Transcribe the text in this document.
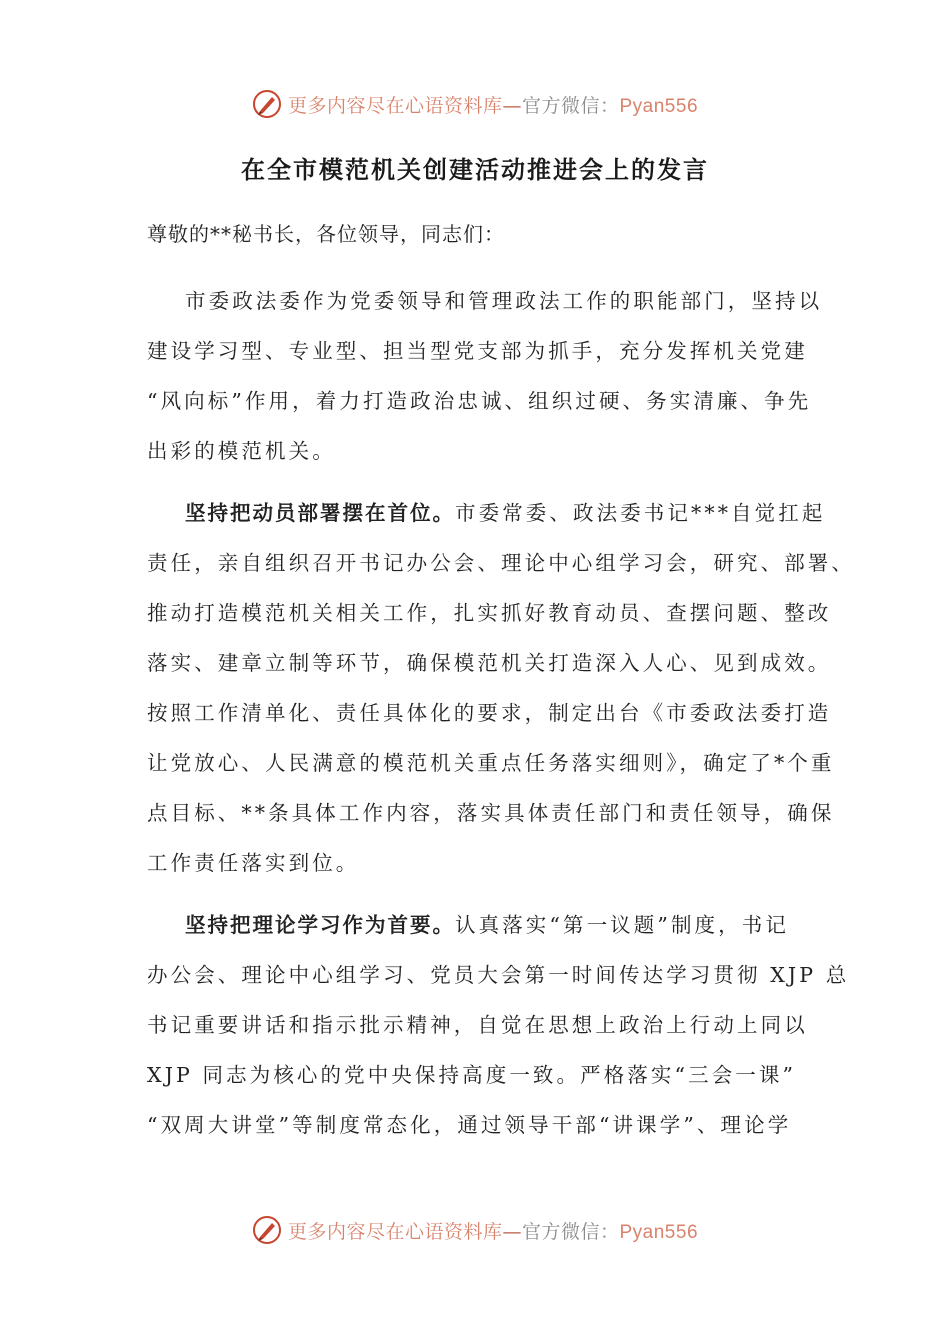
更多内容尽在心语资料库—官方微信：Pyan556
在全市模范机关创建活动推进会上的发言
尊敬的**秘书长，各位领导，同志们：
市委政法委作为党委领导和管理政法工作的职能部门，坚持以
建设学习型、专业型、担当型党支部为抓手，充分发挥机关党建
“风向标”作用，着力打造政治忠诚、组织过硬、务实清廉、争先
出彩的模范机关。
坚持把动员部署摆在首位。市委常委、政法委书记***自觉扛起
责任，亲自组织召开书记办公会、理论中心组学习会，研究、部署、
推动打造模范机关相关工作，扎实抓好教育动员、查摆问题、整改
落实、建章立制等环节，确保模范机关打造深入人心、见到成效。
按照工作清单化、责任具体化的要求，制定出台《市委政法委打造
让党放心、人民满意的模范机关重点任务落实细则》，确定了*个重
点目标、**条具体工作内容，落实具体责任部门和责任领导，确保
工作责任落实到位。
坚持把理论学习作为首要。认真落实“第一议题”制度，书记
办公会、理论中心组学习、党员大会第一时间传达学习贯彻 XJP 总
书记重要讲话和指示批示精神，自觉在思想上政治上行动上同以
XJP 同志为核心的党中央保持高度一致。严格落实“三会一课”
“双周大讲堂”等制度常态化，通过领导干部“讲课学”、理论学
更多内容尽在心语资料库—官方微信：Pyan556
